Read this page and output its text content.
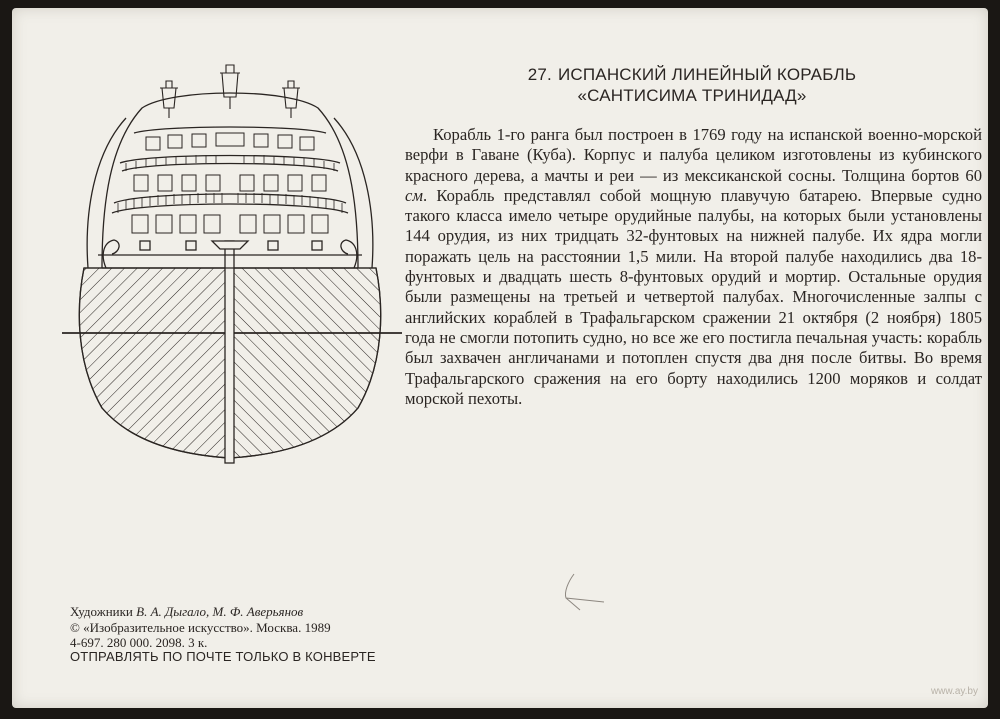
27. ИСПАНСКИЙ ЛИНЕЙНЫЙ КОРАБЛЬ
«САНТИСИМА ТРИНИДАД»

Корабль 1-го ранга был построен в 1769 году на испанской военно-морской верфи в Гаване (Куба). Корпус и палуба целиком изготовлены из кубинского красного дерева, а мачты и реи — из мексиканской сосны. Толщина бортов 60 см. Корабль представлял собой мощную плавучую батарею. Впервые судно такого класса имело четыре орудийные палубы, на которых были установлены 144 орудия, из них тридцать 32-фунтовых на нижней палубе. Их ядра могли поражать цель на расстоянии 1,5 мили. На второй палубе находились два 18-фунтовых и двадцать шесть 8-фунтовых орудий и мортир. Остальные орудия были размещены на третьей и четвертой палубах. Многочисленные залпы с английских кораблей в Трафальгарском сражении 21 октября (2 ноября) 1805 года не смогли потопить судно, но все же его постигла печальная участь: корабль был захвачен англичанами и потоплен спустя два дня после битвы. Во время Трафальгарского сражения на его борту находились 1200 моряков и солдат морской пехоты.

Художники В. А. Дыгало, М. Ф. Аверьянов
© «Изобразительное искусство». Москва. 1989
4-697. 280 000. 2098. 3 к.
ОТПРАВЛЯТЬ ПО ПОЧТЕ ТОЛЬКО В КОНВЕРТЕ
www.ay.by
